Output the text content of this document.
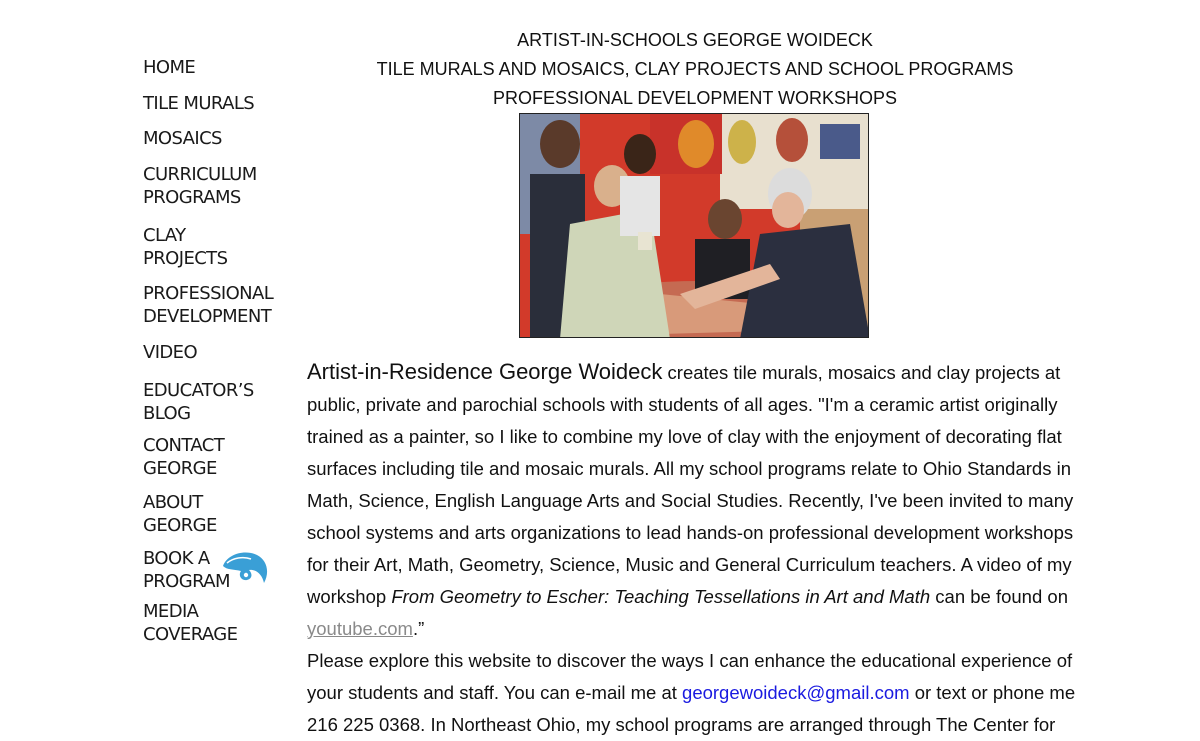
HOME
TILE MURALS
MOSAICS
CURRICULUM
PROGRAMS
CLAY
PROJECTS
PROFESSIONAL
DEVELOPMENT
VIDEO
EDUCATOR’S
BLOG
CONTACT
GEORGE
ABOUT
GEORGE
BOOK A
PROGRAM
MEDIA
COVERAGE
ARTIST-IN-SCHOOLS GEORGE WOIDECK
TILE MURALS AND MOSAICS, CLAY PROJECTS AND SCHOOL PROGRAMS
PROFESSIONAL DEVELOPMENT WORKSHOPS

Artist-in-Residence George Woideck creates tile murals, mosaics and clay projects at public, private and parochial schools with students of all ages. "I'm a ceramic artist originally trained as a painter, so I like to combine my love of clay with the enjoyment of decorating flat surfaces including tile and mosaic murals. All my school programs relate to Ohio Standards in Math, Science, English Language Arts and Social Studies. Recently, I've been invited to many school systems and arts organizations to lead hands-on professional development workshops for their Art, Math, Geometry, Science, Music and General Curriculum teachers. A video of my workshop From Geometry to Escher: Teaching Tessellations in Art and Math can be found on youtube.com.”

Please explore this website to discover the ways I can enhance the educational experience of your students and staff. You can e-mail me at georgewoideck@gmail.com or text or phone me 216 225 0368. In Northeast Ohio, my school programs are arranged through The Center for
